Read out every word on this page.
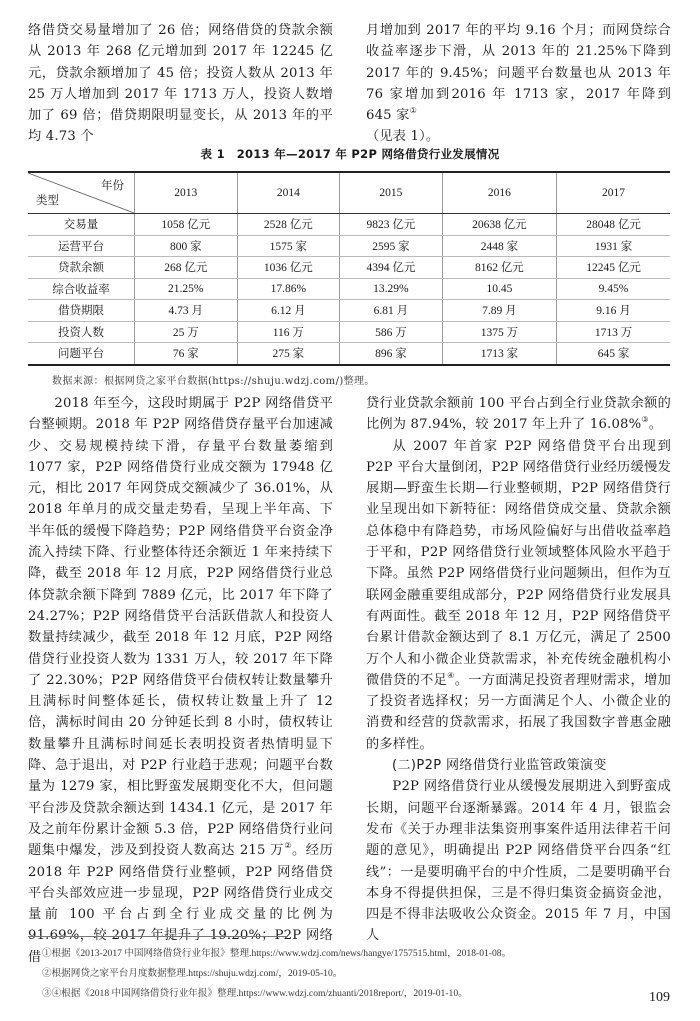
络借贷交易量增加了 26 倍；网络借贷的贷款余额从 2013 年 268 亿元增加到 2017 年 12245 亿元，贷款余额增加了 45 倍；投资人数从 2013 年 25 万人增加到 2017 年 1713 万人，投资人数增加了 69 倍；借贷期限明显变长，从 2013 年的平均 4.73 个

月增加到 2017 年的平均 9.16 个月；而网贷综合收益率逐步下滑，从 2013 年的 21.25%下降到 2017 年的 9.45%；问题平台数量也从 2013 年 76 家增加到2016 年 1713 家，2017 年降到 645 家①
（见表 1）。

表 1　2013 年—2017 年 P2P 网络借贷行业发展情况
年份
类型	2013	2014	2015	2016	2017
交易量	1058 亿元	2528 亿元	9823 亿元	20638 亿元	28048 亿元
运营平台	800 家	1575 家	2595 家	2448 家	1931 家
贷款余额	268 亿元	1036 亿元	4394 亿元	8162 亿元	12245 亿元
综合收益率	21.25%	17.86%	13.29%	10.45	9.45%
借贷期限	4.73 月	6.12 月	6.81 月	7.89 月	9.16 月
投资人数	25 万	116 万	586 万	1375 万	1713 万
问题平台	76 家	275 家	896 家	1713 家	645 家
数据来源：根据网贷之家平台数据(https://shuju.wdzj.com/)整理。

2018 年至今，这段时期属于 P2P 网络借贷平台整顿期。2018 年 P2P 网络借贷存量平台加速减少、交易规模持续下滑，存量平台数量萎缩到 1077 家，P2P 网络借贷行业成交额为 17948 亿元，相比 2017 年网贷成交额减少了 36.01%，从 2018 年单月的成交量走势看，呈现上半年高、下半年低的缓慢下降趋势；P2P 网络借贷平台资金净流入持续下降、行业整体待还余额近 1 年来持续下降，截至 2018 年 12 月底，P2P 网络借贷行业总体贷款余额下降到 7889 亿元，比 2017 年下降了 24.27%；P2P 网络借贷平台活跃借款人和投资人数量持续减少，截至 2018 年 12 月底，P2P 网络借贷行业投资人数为 1331 万人，较 2017 年下降了 22.30%；P2P 网络借贷平台债权转让数量攀升且满标时间整体延长，债权转让数量上升了 12 倍，满标时间由 20 分钟延长到 8 小时，债权转让数量攀升且满标时间延长表明投资者热情明显下降、急于退出，对 P2P 行业趋于悲观；问题平台数量为 1279 家，相比野蛮发展期变化不大，但问题平台涉及贷款余额达到 1434.1 亿元，是 2017 年及之前年份累计金额 5.3 倍，P2P 网络借贷行业问题集中爆发，涉及到投资人数高达 215 万②。经历 2018 年 P2P 网络借贷行业整顿，P2P 网络借贷平台头部效应进一步显现，P2P 网络借贷行业成交量前 100 平台占到全行业成交量的比例为 91.69%，较 2017 年提升了 19.20%；P2P 网络借

贷行业贷款余额前 100 平台占到全行业贷款余额的比例为 87.94%，较 2017 年上升了 16.08%③。

从 2007 年首家 P2P 网络借贷平台出现到 P2P 平台大量倒闭，P2P 网络借贷行业经历缓慢发展期—野蛮生长期—行业整顿期，P2P 网络借贷行业呈现出如下新特征：网络借贷成交量、贷款余额总体稳中有降趋势，市场风险偏好与出借收益率趋于平和，P2P 网络借贷行业领域整体风险水平趋于下降。虽然 P2P 网络借贷行业问题频出，但作为互联网金融重要组成部分，P2P 网络借贷行业发展具有两面性。截至 2018 年 12 月，P2P 网络借贷平台累计借款金额达到了 8.1 万亿元，满足了 2500 万个人和小微企业贷款需求，补充传统金融机构小微借贷的不足④。一方面满足投资者理财需求，增加了投资者选择权；另一方面满足个人、小微企业的消费和经营的贷款需求，拓展了我国数字普惠金融的多样性。

(二)P2P 网络借贷行业监管政策演变

P2P 网络借贷行业从缓慢发展期进入到野蛮成长期，问题平台逐渐暴露。2014 年 4 月，银监会发布《关于办理非法集资刑事案件适用法律若干问题的意见》，明确提出 P2P 网络借贷平台四条“红线”：一是要明确平台的中介性质，二是要明确平台本身不得提供担保，三是不得归集资金搞资金池，四是不得非法吸收公众资金。2015 年 7 月，中国人

①根据《2013-2017 中国网络借贷行业年报》整理.https://www.wdzj.com/news/hangye/1757515.html，2018-01-08。

②根据网贷之家平台月度数据整理.https://shuju.wdzj.com/，2019-05-10。

③④根据《2018 中国网络借贷行业年报》整理.https://www.wdzj.com/zhuanti/2018report/，2019-01-10。	109
